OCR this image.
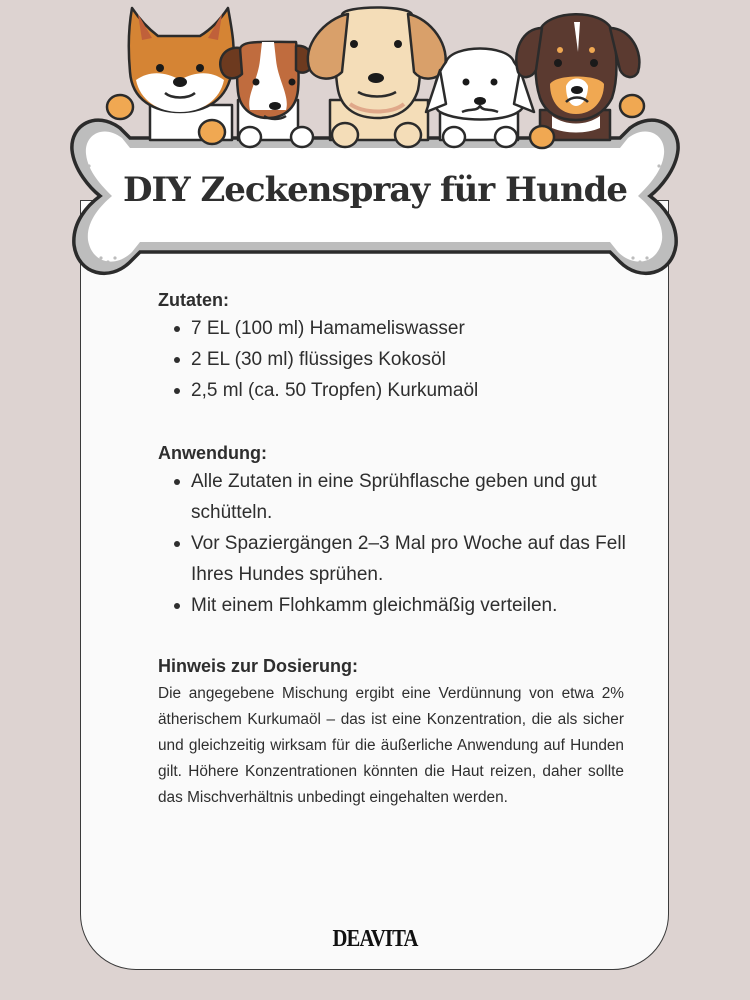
DIY Zeckenspray für Hunde
Zutaten:
7 EL (100 ml) Hamameliswasser
2 EL (30 ml) flüssiges Kokosöl
2,5 ml (ca. 50 Tropfen) Kurkumaöl
Anwendung:
Alle Zutaten in eine Sprühflasche geben und gut schütteln.
Vor Spaziergängen 2–3 Mal pro Woche auf das Fell Ihres Hundes sprühen.
Mit einem Flohkamm gleichmäßig verteilen.
Hinweis zur Dosierung:

Die angegebene Mischung ergibt eine Verdünnung von etwa 2% ätherischem Kurkumaöl – das ist eine Konzentration, die als sicher und gleichzeitig wirksam für die äußerliche Anwendung auf Hunden gilt. Höhere Konzentrationen könnten die Haut reizen, daher sollte das Mischverhältnis unbedingt eingehalten werden.

DEAVITA
